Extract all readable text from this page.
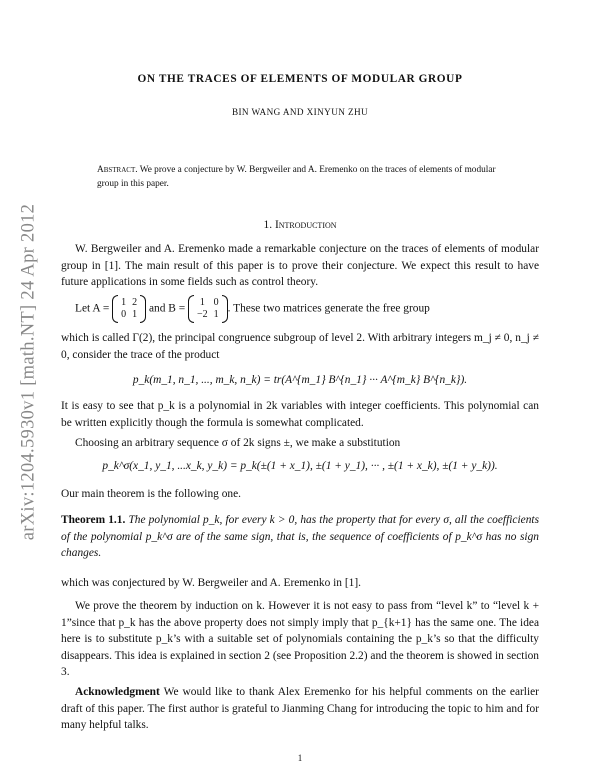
arXiv:1204.5930v1 [math.NT] 24 Apr 2012
ON THE TRACES OF ELEMENTS OF MODULAR GROUP
BIN WANG AND XINYUN ZHU
Abstract. We prove a conjecture by W. Bergweiler and A. Eremenko on the traces of elements of modular group in this paper.
1. Introduction
W. Bergweiler and A. Eremenko made a remarkable conjecture on the traces of elements of modular group in [1]. The main result of this paper is to prove their conjecture. We expect this result to have future applications in some fields such as control theory.
Let A =
1	2
0	1 and B =
1	0
−2	1 . These two matrices generate the free group
which is called Γ(2), the principal congruence subgroup of level 2. With arbitrary integers m_j ≠ 0, n_j ≠ 0, consider the trace of the product
p_k(m_1, n_1, ..., m_k, n_k) = tr(A^{m_1} B^{n_1} ··· A^{m_k} B^{n_k}).
It is easy to see that p_k is a polynomial in 2k variables with integer coefficients. This polynomial can be written explicitly though the formula is somewhat complicated.
Choosing an arbitrary sequence σ of 2k signs ±, we make a substitution
p_k^σ(x_1, y_1, ...x_k, y_k) = p_k(±(1 + x_1), ±(1 + y_1), ··· , ±(1 + x_k), ±(1 + y_k)).
Our main theorem is the following one.
Theorem 1.1. The polynomial p_k, for every k > 0, has the property that for every σ, all the coefficients of the polynomial p_k^σ are of the same sign, that is, the sequence of coefficients of p_k^σ has no sign changes.
which was conjectured by W. Bergweiler and A. Eremenko in [1].
We prove the theorem by induction on k. However it is not easy to pass from “level k” to “level k + 1”since that p_k has the above property does not simply imply that p_{k+1} has the same one. The idea here is to substitute p_k’s with a suitable set of polynomials containing the p_k’s so that the difficulty disappears. This idea is explained in section 2 (see Proposition 2.2) and the theorem is showed in section 3.
Acknowledgment We would like to thank Alex Eremenko for his helpful comments on the earlier draft of this paper. The first author is grateful to Jianming Chang for introducing the topic to him and for many helpful talks.
1
